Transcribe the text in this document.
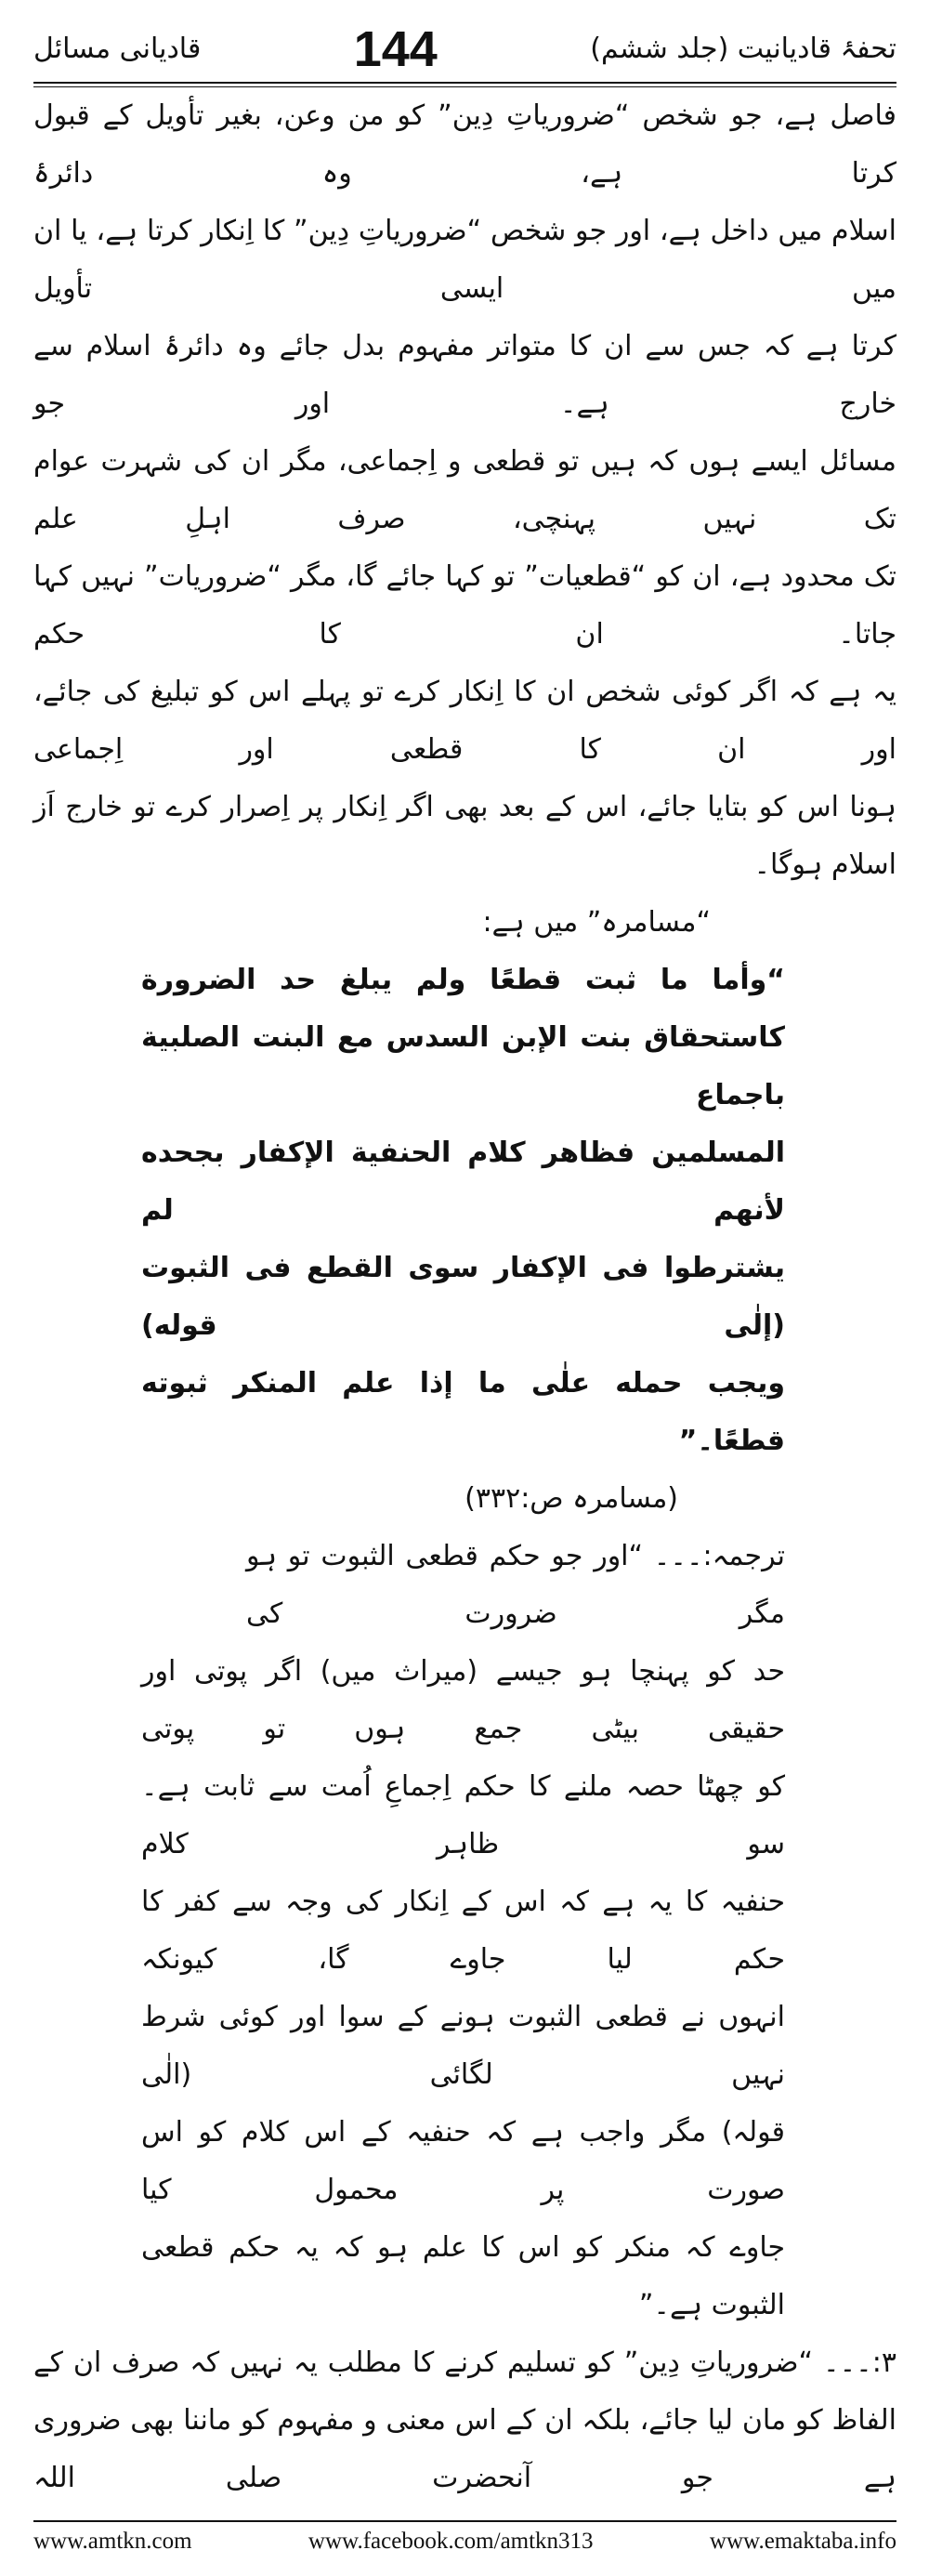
تحفۂ قادیانیت (جلد ششم)
144
قادیانی مسائل
فاصل ہے، جو شخص “ضروریاتِ دِین” کو من وعن، بغیر تأویل کے قبول کرتا ہے، وہ دائرۂ
اسلام میں داخل ہے، اور جو شخص “ضروریاتِ دِین” کا اِنکار کرتا ہے، یا ان میں ایسی تأویل
کرتا ہے کہ جس سے ان کا متواتر مفہوم بدل جائے وہ دائرۂ اسلام سے خارج ہے۔ اور جو
مسائل ایسے ہوں کہ ہیں تو قطعی و اِجماعی، مگر ان کی شہرت عوام تک نہیں پہنچی، صرف اہلِ علم
تک محدود ہے، ان کو “قطعیات” تو کہا جائے گا، مگر “ضروریات” نہیں کہا جاتا۔ ان کا حکم
یہ ہے کہ اگر کوئی شخص ان کا اِنکار کرے تو پہلے اس کو تبلیغ کی جائے، اور ان کا قطعی اور اِجماعی
ہونا اس کو بتایا جائے، اس کے بعد بھی اگر اِنکار پر اِصرار کرے تو خارج اَز اسلام ہوگا۔
“مسامرہ” میں ہے:
“وأما ما ثبت قطعًا ولم یبلغ حد الضرورة
کاستحقاق بنت الإبن السدس مع البنت الصلبیة باجماع
المسلمین فظاهر کلام الحنفیة الإکفار بجحده لأنهم لم
یشترطوا فی الإکفار سوی القطع فی الثبوت (إلٰی قوله)
ویجب حمله علٰی ما إذا علم المنکر ثبوته قطعًا۔”
(مسامرہ ص:۳۳۲)
ترجمہ:۔۔۔ “اور جو حکم قطعی الثبوت تو ہو مگر ضرورت کی
حد کو پہنچا ہو جیسے (میراث میں) اگر پوتی اور حقیقی بیٹی جمع ہوں تو پوتی
کو چھٹا حصہ ملنے کا حکم اِجماعِ اُمت سے ثابت ہے۔ سو ظاہر کلام
حنفیہ کا یہ ہے کہ اس کے اِنکار کی وجہ سے کفر کا حکم لیا جاوے گا، کیونکہ
انہوں نے قطعی الثبوت ہونے کے سوا اور کوئی شرط نہیں لگائی (الٰی
قولہ) مگر واجب ہے کہ حنفیہ کے اس کلام کو اس صورت پر محمول کیا
جاوے کہ منکر کو اس کا علم ہو کہ یہ حکم قطعی الثبوت ہے۔”
۳:۔۔۔ “ضروریاتِ دِین” کو تسلیم کرنے کا مطلب یہ نہیں کہ صرف ان کے
الفاظ کو مان لیا جائے، بلکہ ان کے اس معنی و مفہوم کو ماننا بھی ضروری ہے جو آنحضرت صلی اللہ
www.amtkn.com	www.facebook.com/amtkn313	www.emaktaba.info
